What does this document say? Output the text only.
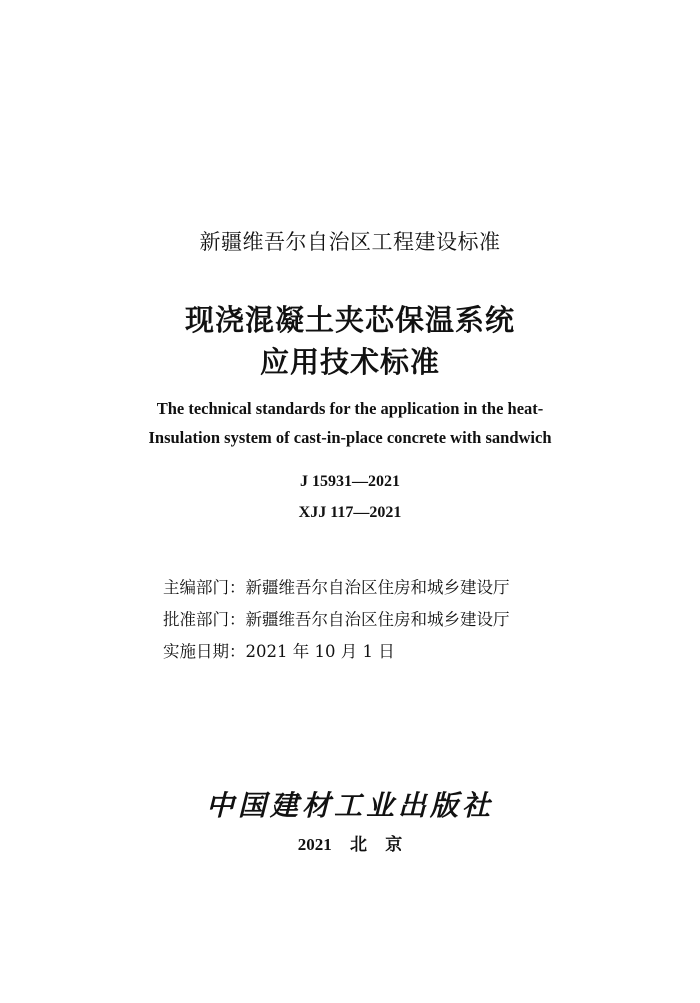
新疆维吾尔自治区工程建设标准
现浇混凝土夹芯保温系统
应用技术标准
The technical standards for the application in the heat-
Insulation system of cast-in-place concrete with sandwich
J 15931—2021
XJJ 117—2021
主编部门：新疆维吾尔自治区住房和城乡建设厅
批准部门：新疆维吾尔自治区住房和城乡建设厅
实施日期：2021 年 10 月 1 日
中国建材工业出版社
2021 北 京
